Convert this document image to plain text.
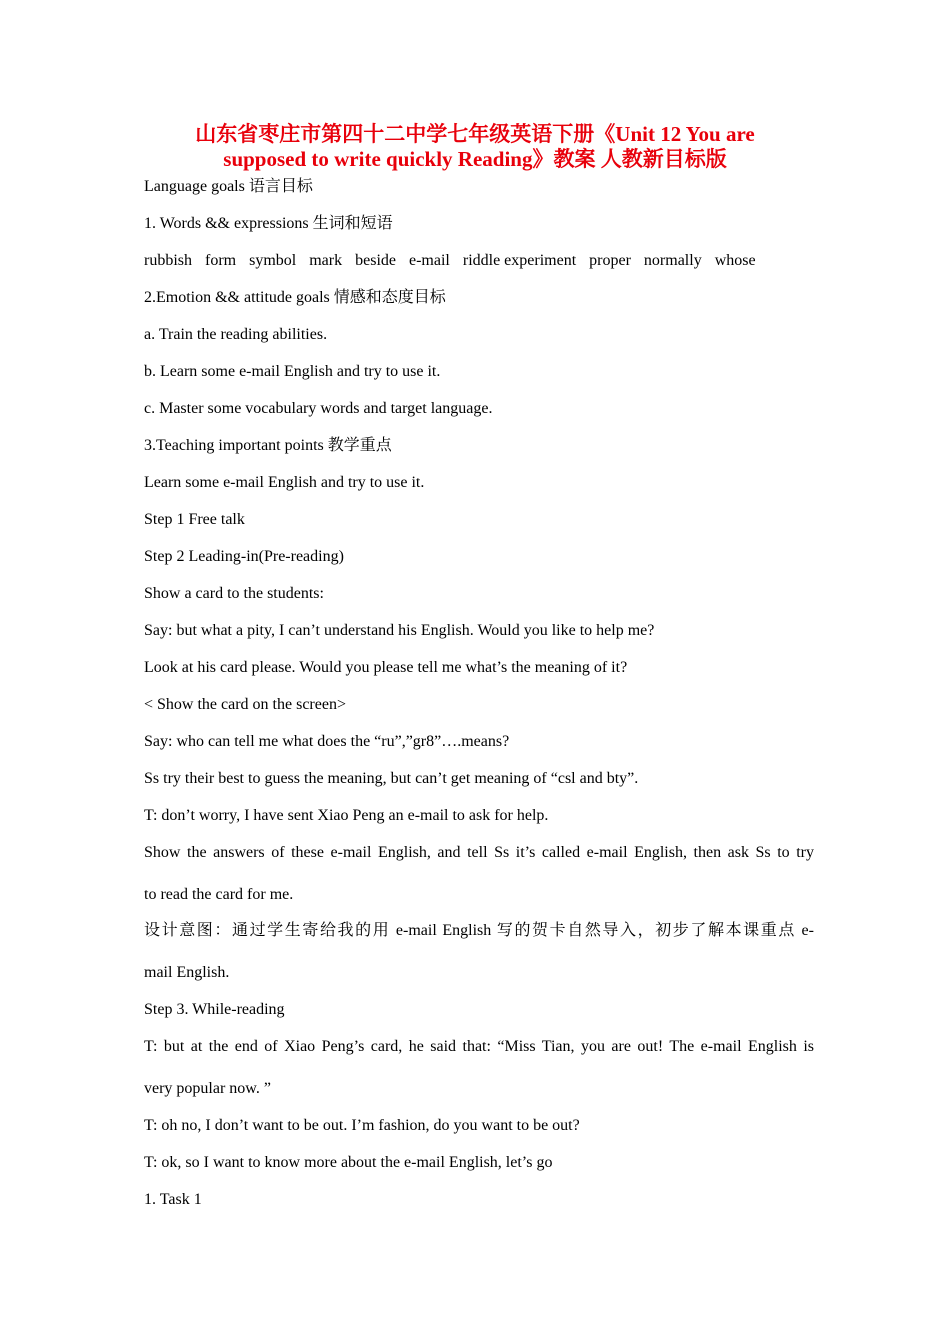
山东省枣庄市第四十二中学七年级英语下册《Unit 12 You are
supposed to write quickly Reading》教案 人教新目标版
Language goals 语言目标
1. Words && expressions 生词和短语
rubbish form symbol mark beside e-mail riddle experiment proper normally whose
2.Emotion && attitude goals 情感和态度目标
a. Train the reading abilities.
b. Learn some e-mail English and try to use it.
c. Master some vocabulary words and target language.
3.Teaching important points 教学重点
Learn some e-mail English and try to use it.
Step 1 Free talk
Step 2 Leading-in(Pre-reading)
Show a card to the students:
Say: but what a pity, I can’t understand his English. Would you like to help me?
Look at his card please. Would you please tell me what’s the meaning of it?
< Show the card on the screen>
Say: who can tell me what does the “ru”,”gr8”….means?
Ss try their best to guess the meaning, but can’t get meaning of “csl and bty”.
T: don’t worry, I have sent Xiao Peng an e-mail to ask for help.
Show the answers of these e-mail English, and tell Ss it’s called e-mail English, then ask Ss to try
to read the card for me.
设计意图：通过学生寄给我的用 e-mail English 写的贺卡自然导入，初步了解本课重点 e-
mail English.
Step 3. While-reading
T: but at the end of Xiao Peng’s card, he said that: “Miss Tian, you are out! The e-mail English is
very popular now. ”
T: oh no, I don’t want to be out. I’m fashion, do you want to be out?
T: ok, so I want to know more about the e-mail English, let’s go
1. Task 1
